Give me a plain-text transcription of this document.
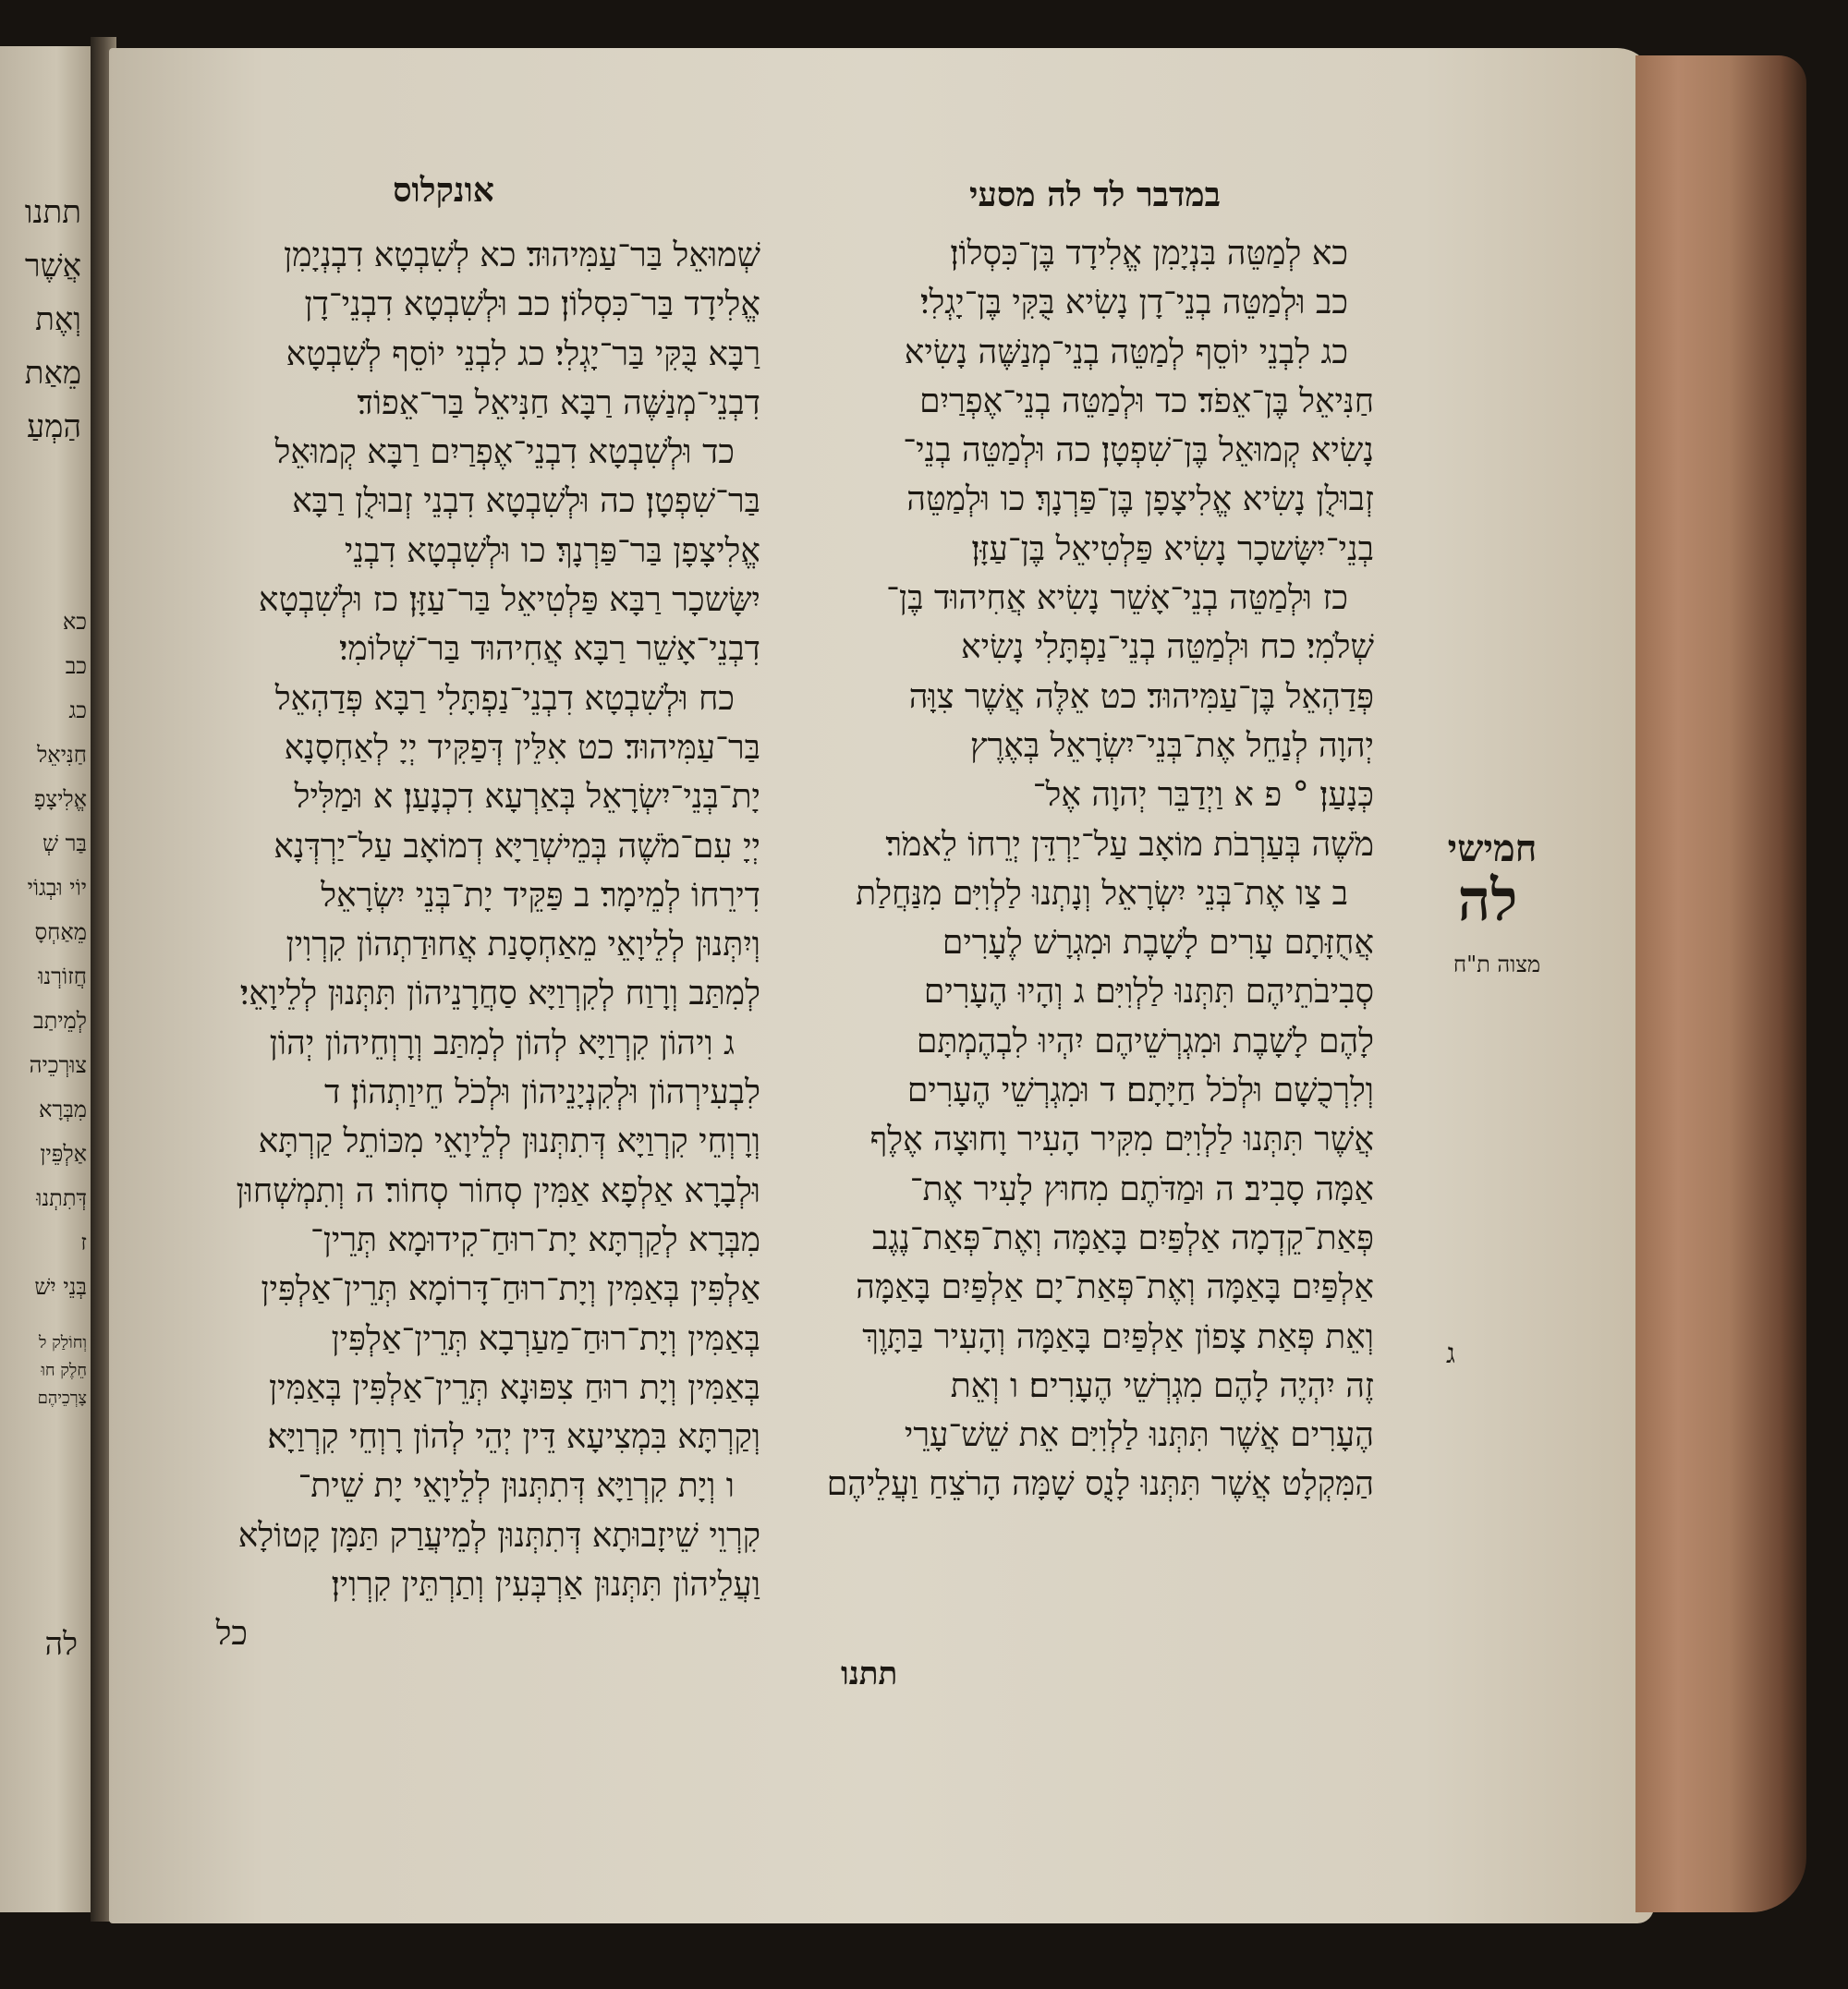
תתנו
אֲשֶׁר
וְאֶת
מֵאַת
הַמְעַ
כא
כב
כג
חַנִּיאֵל
אֱלִיצָפָ
בַּר שְׁ
יוֹי וּבְגוֹי
מֵאַחְסָ
חֲזוֹרְנוּ
לְמֵיתַב
צוּרְכֵיה
מִבְּרָא
אַלְפֵּין
דְּתִתְנוּ
ז
בְּנֵי יִשׁ
וְחוֹלַק ל
חֵלֶק חוּ
צָרְכֵיהֶם
לה
במדבר לד לה מסעי
אונקלוס
כא לְמַטֵּה בִּנְיָמִן אֱלִידָד בֶּן־כִּסְלוֹן׃
כב וּלְמַטֵּה בְנֵי־דָן נָשִׂיא בֻּקִּי בֶּן־יָגְלִי׃
כג לִבְנֵי יוֹסֵף לְמַטֵּה בְנֵי־מְנַשֶּׁה נָשִׂיא
חַנִּיאֵל בֶּן־אֵפֹד׃ כד וּלְמַטֵּה בְנֵי־אֶפְרַיִם
נָשִׂיא קְמוּאֵל בֶּן־שִׁפְטָן׃ כה וּלְמַטֵּה בְנֵי־
זְבוּלֻן נָשִׂיא אֱלִיצָפָן בֶּן־פַּרְנָךְ׃ כו וּלְמַטֵּה
בְנֵי־יִשָּׂשכָר נָשִׂיא פַּלְטִיאֵל בֶּן־עַזָּן׃
כז וּלְמַטֵּה בְנֵי־אָשֵׁר נָשִׂיא אֲחִיהוּד בֶּן־
שְׁלֹמִי׃ כח וּלְמַטֵּה בְנֵי־נַפְתָּלִי נָשִׂיא
פְּדַהְאֵל בֶּן־עַמִּיהוּד׃ כט אֵלֶּה אֲשֶׁר צִוָּה
יְהוָה לְנַחֵל אֶת־בְּנֵי־יִשְׂרָאֵל בְּאֶרֶץ
כְּנָעַן׃ ° פ א וַיְדַבֵּר יְהוָה אֶל־
מֹשֶׁה בְּעַרְבֹת מוֹאָב עַל־יַרְדֵּן יְרֵחוֹ לֵאמֹר׃
ב צַו אֶת־בְּנֵי יִשְׂרָאֵל וְנָתְנוּ לַלְוִיִּם מִנַּחֲלַת
אֲחֻזָּתָם עָרִים לָשָׁבֶת וּמִגְרָשׁ לֶעָרִים
סְבִיבֹתֵיהֶם תִּתְּנוּ לַלְוִיִּם׃ ג וְהָיוּ הֶעָרִים
לָהֶם לָשָׁבֶת וּמִגְרְשֵׁיהֶם יִהְיוּ לִבְהֶמְתָּם
וְלִרְכֻשָׁם וּלְכֹל חַיָּתָם׃ ד וּמִגְרְשֵׁי הֶעָרִים
אֲשֶׁר תִּתְּנוּ לַלְוִיִּם מִקִּיר הָעִיר וָחוּצָה אֶלֶף
אַמָּה סָבִיב׃ ה וּמַדֹּתֶם מִחוּץ לָעִיר אֶת־
פְּאַת־קֵדְמָה אַלְפַּיִם בָּאַמָּה וְאֶת־פְּאַת־נֶגֶב
אַלְפַּיִם בָּאַמָּה וְאֶת־פְּאַת־יָם אַלְפַּיִם בָּאַמָּה
וְאֵת פְּאַת צָפוֹן אַלְפַּיִם בָּאַמָּה וְהָעִיר בַּתָּוֶךְ
זֶה יִהְיֶה לָהֶם מִגְרְשֵׁי הֶעָרִים׃ ו וְאֵת
הֶעָרִים אֲשֶׁר תִּתְּנוּ לַלְוִיִּם אֵת שֵׁשׁ־עָרֵי
הַמִּקְלָט אֲשֶׁר תִּתְּנוּ לָנֻס שָׁמָּה הָרֹצֵחַ וַעֲלֵיהֶם
תתנו
שְׁמוּאֵל בַּר־עַמִּיהוּד׃ כא לְשִׁבְטָא דִבְנְיָמִן
אֱלִידָד בַּר־כִּסְלוֹן׃ כב וּלְשִׁבְטָא דִבְנֵי־דָן
רַבָּא בֻּקִּי בַּר־יָגְלִי׃ כג לִבְנֵי יוֹסֵף לְשִׁבְטָא
דִבְנֵי־מְנַשֶּׁה רַבָּא חַנִּיאֵל בַּר־אֵפוֹד׃
כד וּלְשִׁבְטָא דִבְנֵי־אֶפְרַיִם רַבָּא קְמוּאֵל
בַּר־שִׁפְטָן׃ כה וּלְשִׁבְטָא דִבְנֵי זְבוּלֻן רַבָּא
אֱלִיצָפָן בַּר־פַּרְנָךְ׃ כו וּלְשִׁבְטָא דִבְנֵי
יִשָּׂשכָר רַבָּא פַּלְטִיאֵל בַּר־עַזָּן׃ כז וּלְשִׁבְטָא
דִבְנֵי־אָשֵׁר רַבָּא אֲחִיהוּד בַּר־שְׁלוֹמִי׃
כח וּלְשִׁבְטָא דִבְנֵי־נַפְתָּלִי רַבָּא פְּדַהְאֵל
בַּר־עַמִּיהוּד׃ כט אִלֵּין דְּפַקִּיד יְיָ לְאַחְסָנָא
יָת־בְּנֵי־יִשְׂרָאֵל בְּאַרְעָא דִכְנָעַן׃ א וּמַלִּיל
יְיָ עִם־מֹשֶׁה בְּמֵישְׁרַיָּא דְמוֹאָב עַל־יַרְדְּנָא
דִירֵחוֹ לְמֵימָר׃ ב פַּקֵּיד יָת־בְּנֵי יִשְׂרָאֵל
וְיִתְּנוּן לְלֵיוָאֵי מֵאַחְסָנַת אֲחוּדַתְהוֹן קִרְוִין
לְמִתַּב וְרָוַח לְקִרְוַיָּא סַחֲרָנֵיהוֹן תִּתְּנוּן לְלֵיוָאֵי׃
ג וִיהוֹן קִרְוַיָּא לְהוֹן לְמִתַּב וְרָוְחֵיהוֹן יְהוֹן
לִבְעִירְהוֹן וּלְקִנְיָנֵיהוֹן וּלְכֹל חֵיוַתְהוֹן׃ ד
וְרָוְחֵי קִרְוַיָּא דְּתִתְּנוּן לְלֵיוָאֵי מִכּוֹתֵל קַרְתָּא
וּלְבָרָא אַלְפָא אַמִּין סְחוֹר סְחוֹר׃ ה וְתִמְשְׁחוּן
מִבְּרָא לְקַרְתָּא יָת־רוּחַ־קִידוּמָא תְּרֵין־
אַלְפִּין בְּאַמִּין וְיָת־רוּחַ־דָּרוֹמָא תְּרֵין־אַלְפִּין
בְּאַמִּין וְיָת־רוּחַ־מַעַרְבָא תְּרֵין־אַלְפִּין
בְּאַמִּין וְיָת רוּחַ צִפּוּנָא תְּרֵין־אַלְפִּין בְּאַמִּין
וְקַרְתָּא בִּמְצִיעָא דֵּין יְהֵי לְהוֹן רָוְחֵי קִרְוַיָּא׃
ו וְיָת קִרְוַיָּא דְּתִתְּנוּן לְלֵיוָאֵי יָת שֵׁית־
קִרְוֵי שֵׁיזָבוּתָא דְּתִתְּנוּן לְמֵיעֲרַק תַּמָּן קָטוֹלָא
וַעֲלֵיהוֹן תִּתְּנוּן אַרְבְּעִין וְתַרְתֵּין קִרְוִין׃
כל
חמישי
לה
מצוה ת"ח
ג
